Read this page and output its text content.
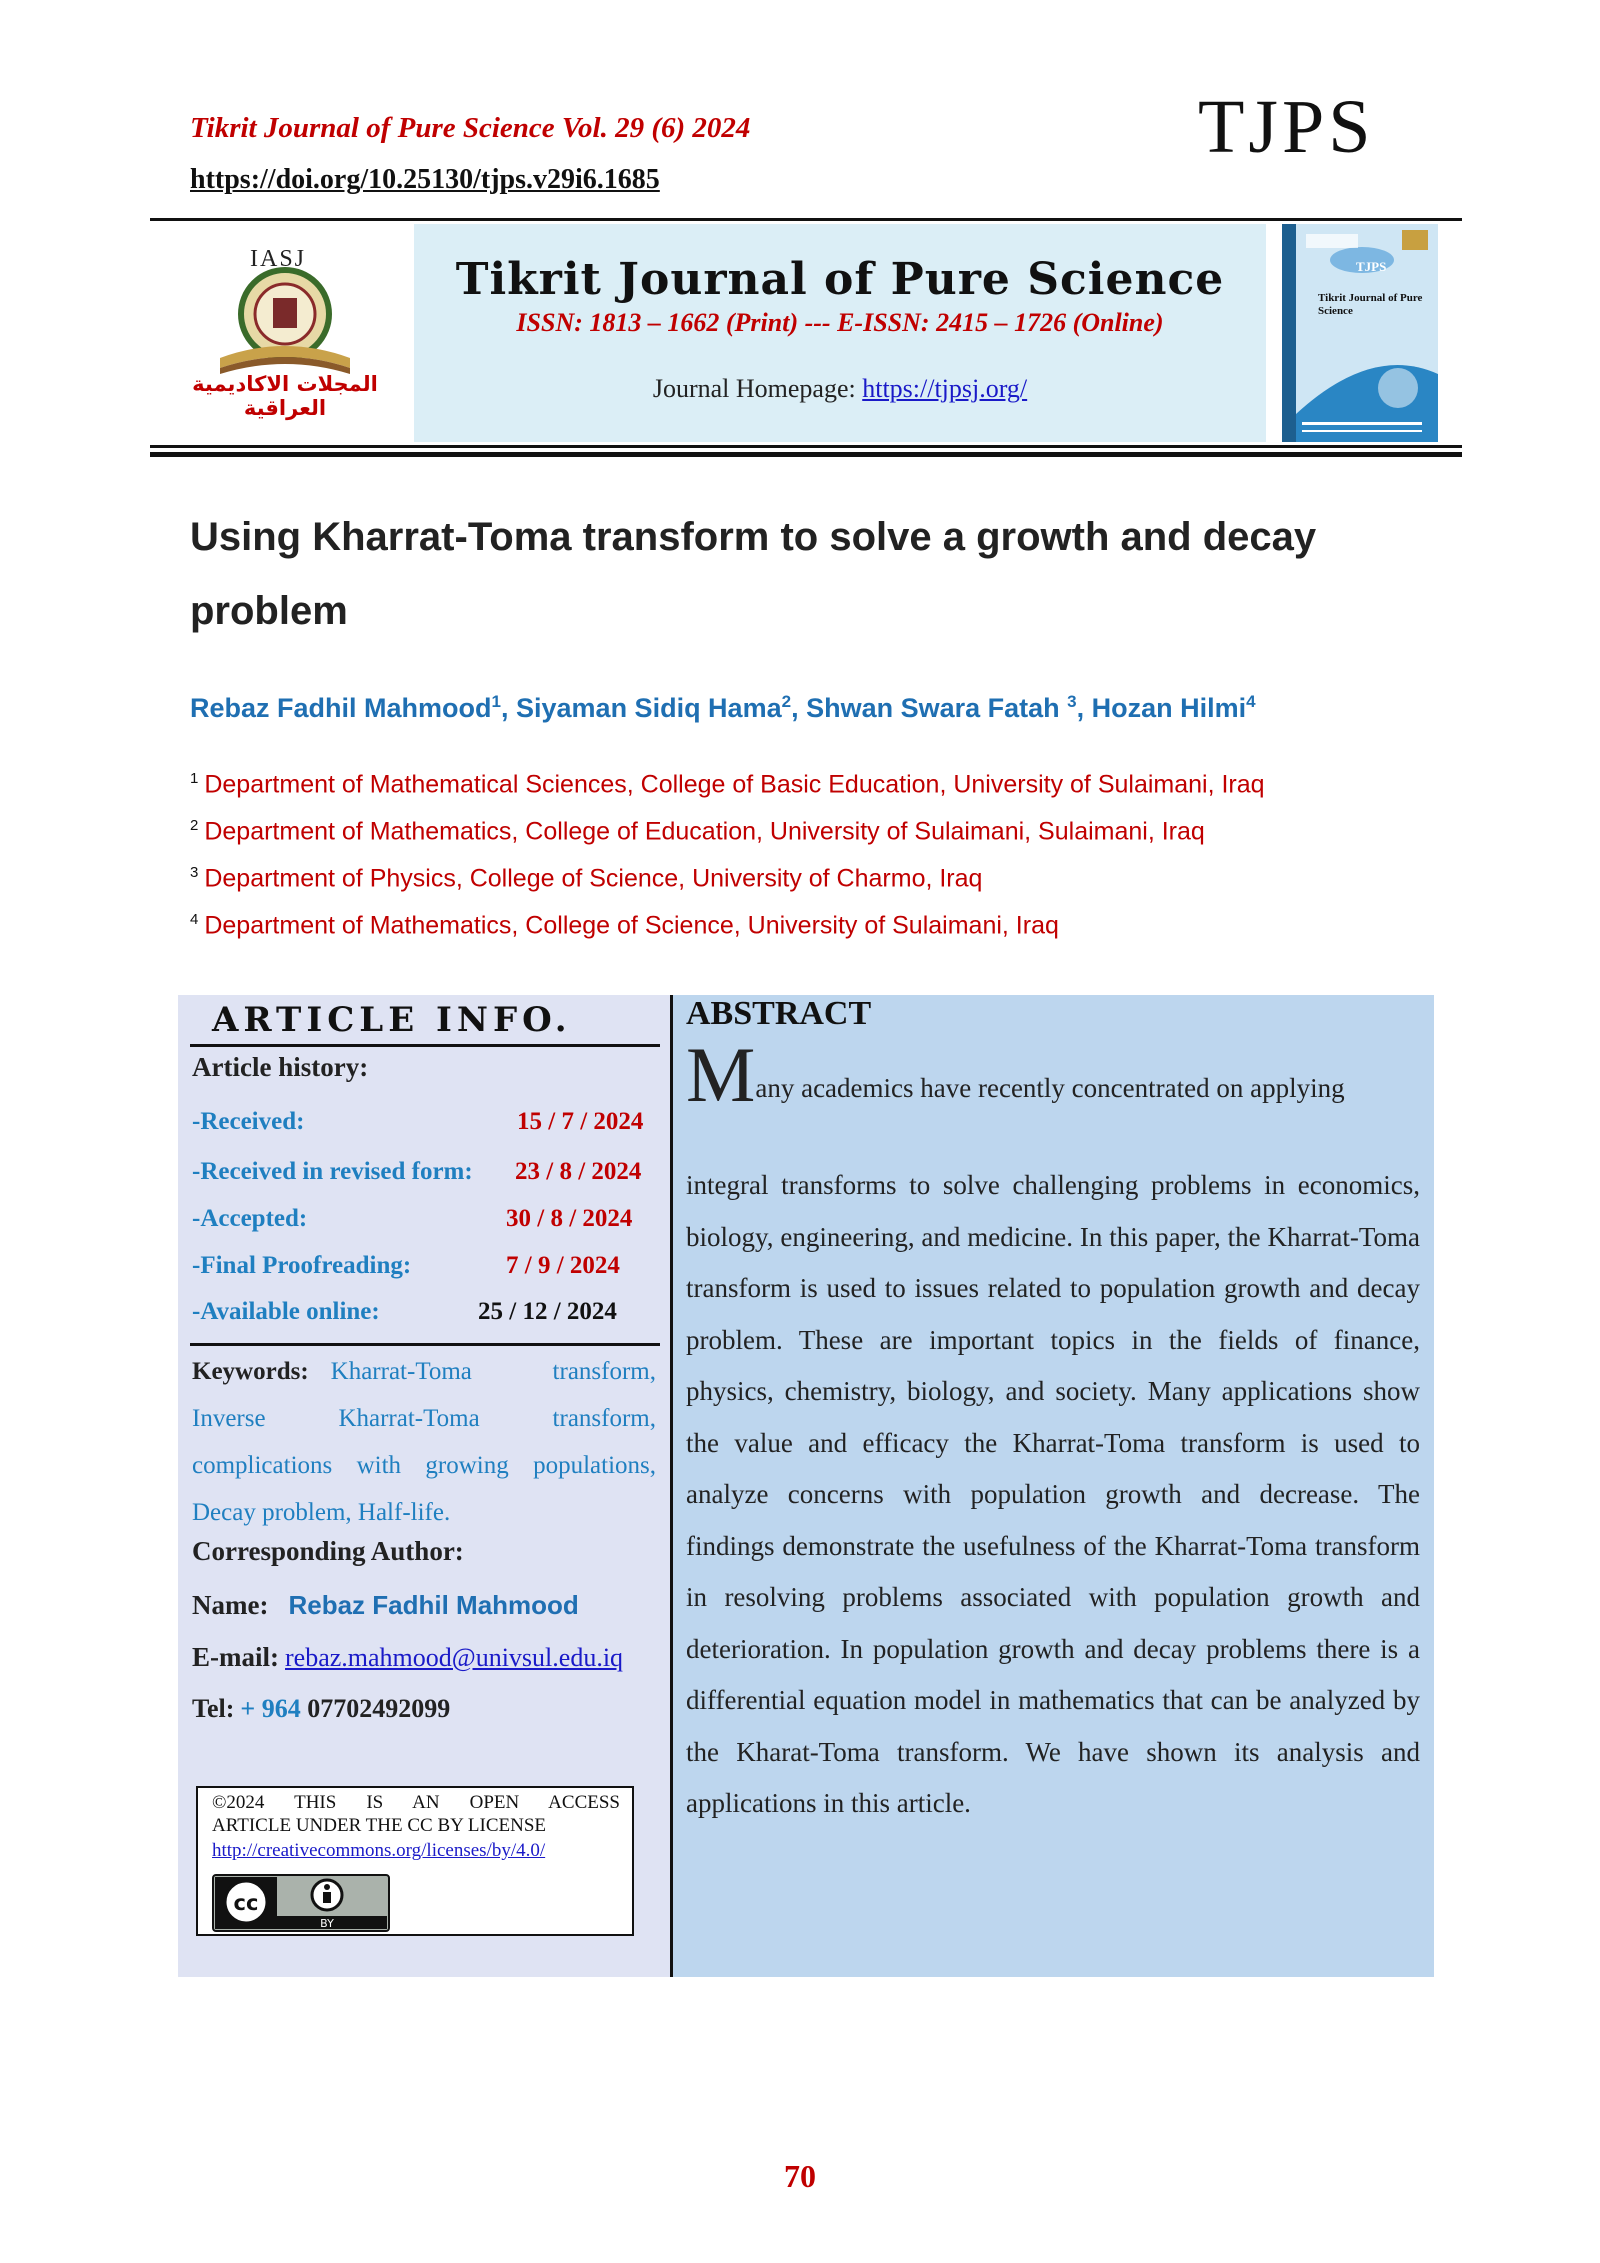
Tikrit Journal of Pure Science Vol. 29 (6) 2024
https://doi.org/10.25130/tjps.v29i6.1685
TJPS
IASJ
المجلات الاكاديمية العراقية
Tikrit Journal of Pure Science
ISSN: 1813 – 1662 (Print) --- E-ISSN: 2415 – 1726 (Online)
Journal Homepage: https://tjpsj.org/
TJPS
Tikrit Journal of Pure Science
Using Kharrat-Toma transform to solve a growth and decay problem
Rebaz Fadhil Mahmood$^1$, Siyaman Sidiq Hama$^2$, Shwan Swara Fatah $^3$, Hozan Hilmi$^4$
$^1$ Department of Mathematical Sciences, College of Basic Education, University of Sulaimani, Iraq
$^2$ Department of Mathematics, College of Education, University of Sulaimani, Sulaimani, Iraq
$^3$ Department of Physics, College of Science, University of Charmo, Iraq
$^4$ Department of Mathematics, College of Science, University of Sulaimani, Iraq
ARTICLE INFO.
Article history:
-Received:	15 / 7 / 2024
-Received in revised form: 23 / 8 / 2024
-Accepted:	30 / 8 / 2024
-Final Proofreading:	7 / 9 / 2024
-Available online:	25 / 12 / 2024
Keywords: Kharrat-Toma transform, Inverse Kharrat-Toma transform, complications with growing populations, Decay problem, Half-life.
Corresponding Author:
Name: Rebaz Fadhil Mahmood
E-mail: rebaz.mahmood@univsul.edu.iq
Tel: + 964 07702492099
©2024 THIS IS AN OPEN ACCESS
ARTICLE UNDER THE CC BY LICENSE
http://creativecommons.org/licenses/by/4.0/
cc
BY
ABSTRACT
Many academics have recently concentrated on applying
integral transforms to solve challenging problems in economics, biology, engineering, and medicine. In this paper, the Kharrat-Toma transform is used to issues related to population growth and decay problem. These are important topics in the fields of finance, physics, chemistry, biology, and society. Many applications show the value and efficacy the Kharrat-Toma transform is used to analyze concerns with population growth and decrease. The findings demonstrate the usefulness of the Kharrat-Toma transform in resolving problems associated with population growth and deterioration. In population growth and decay problems there is a differential equation model in mathematics that can be analyzed by the Kharat-Toma transform. We have shown its analysis and applications in this article.
70
